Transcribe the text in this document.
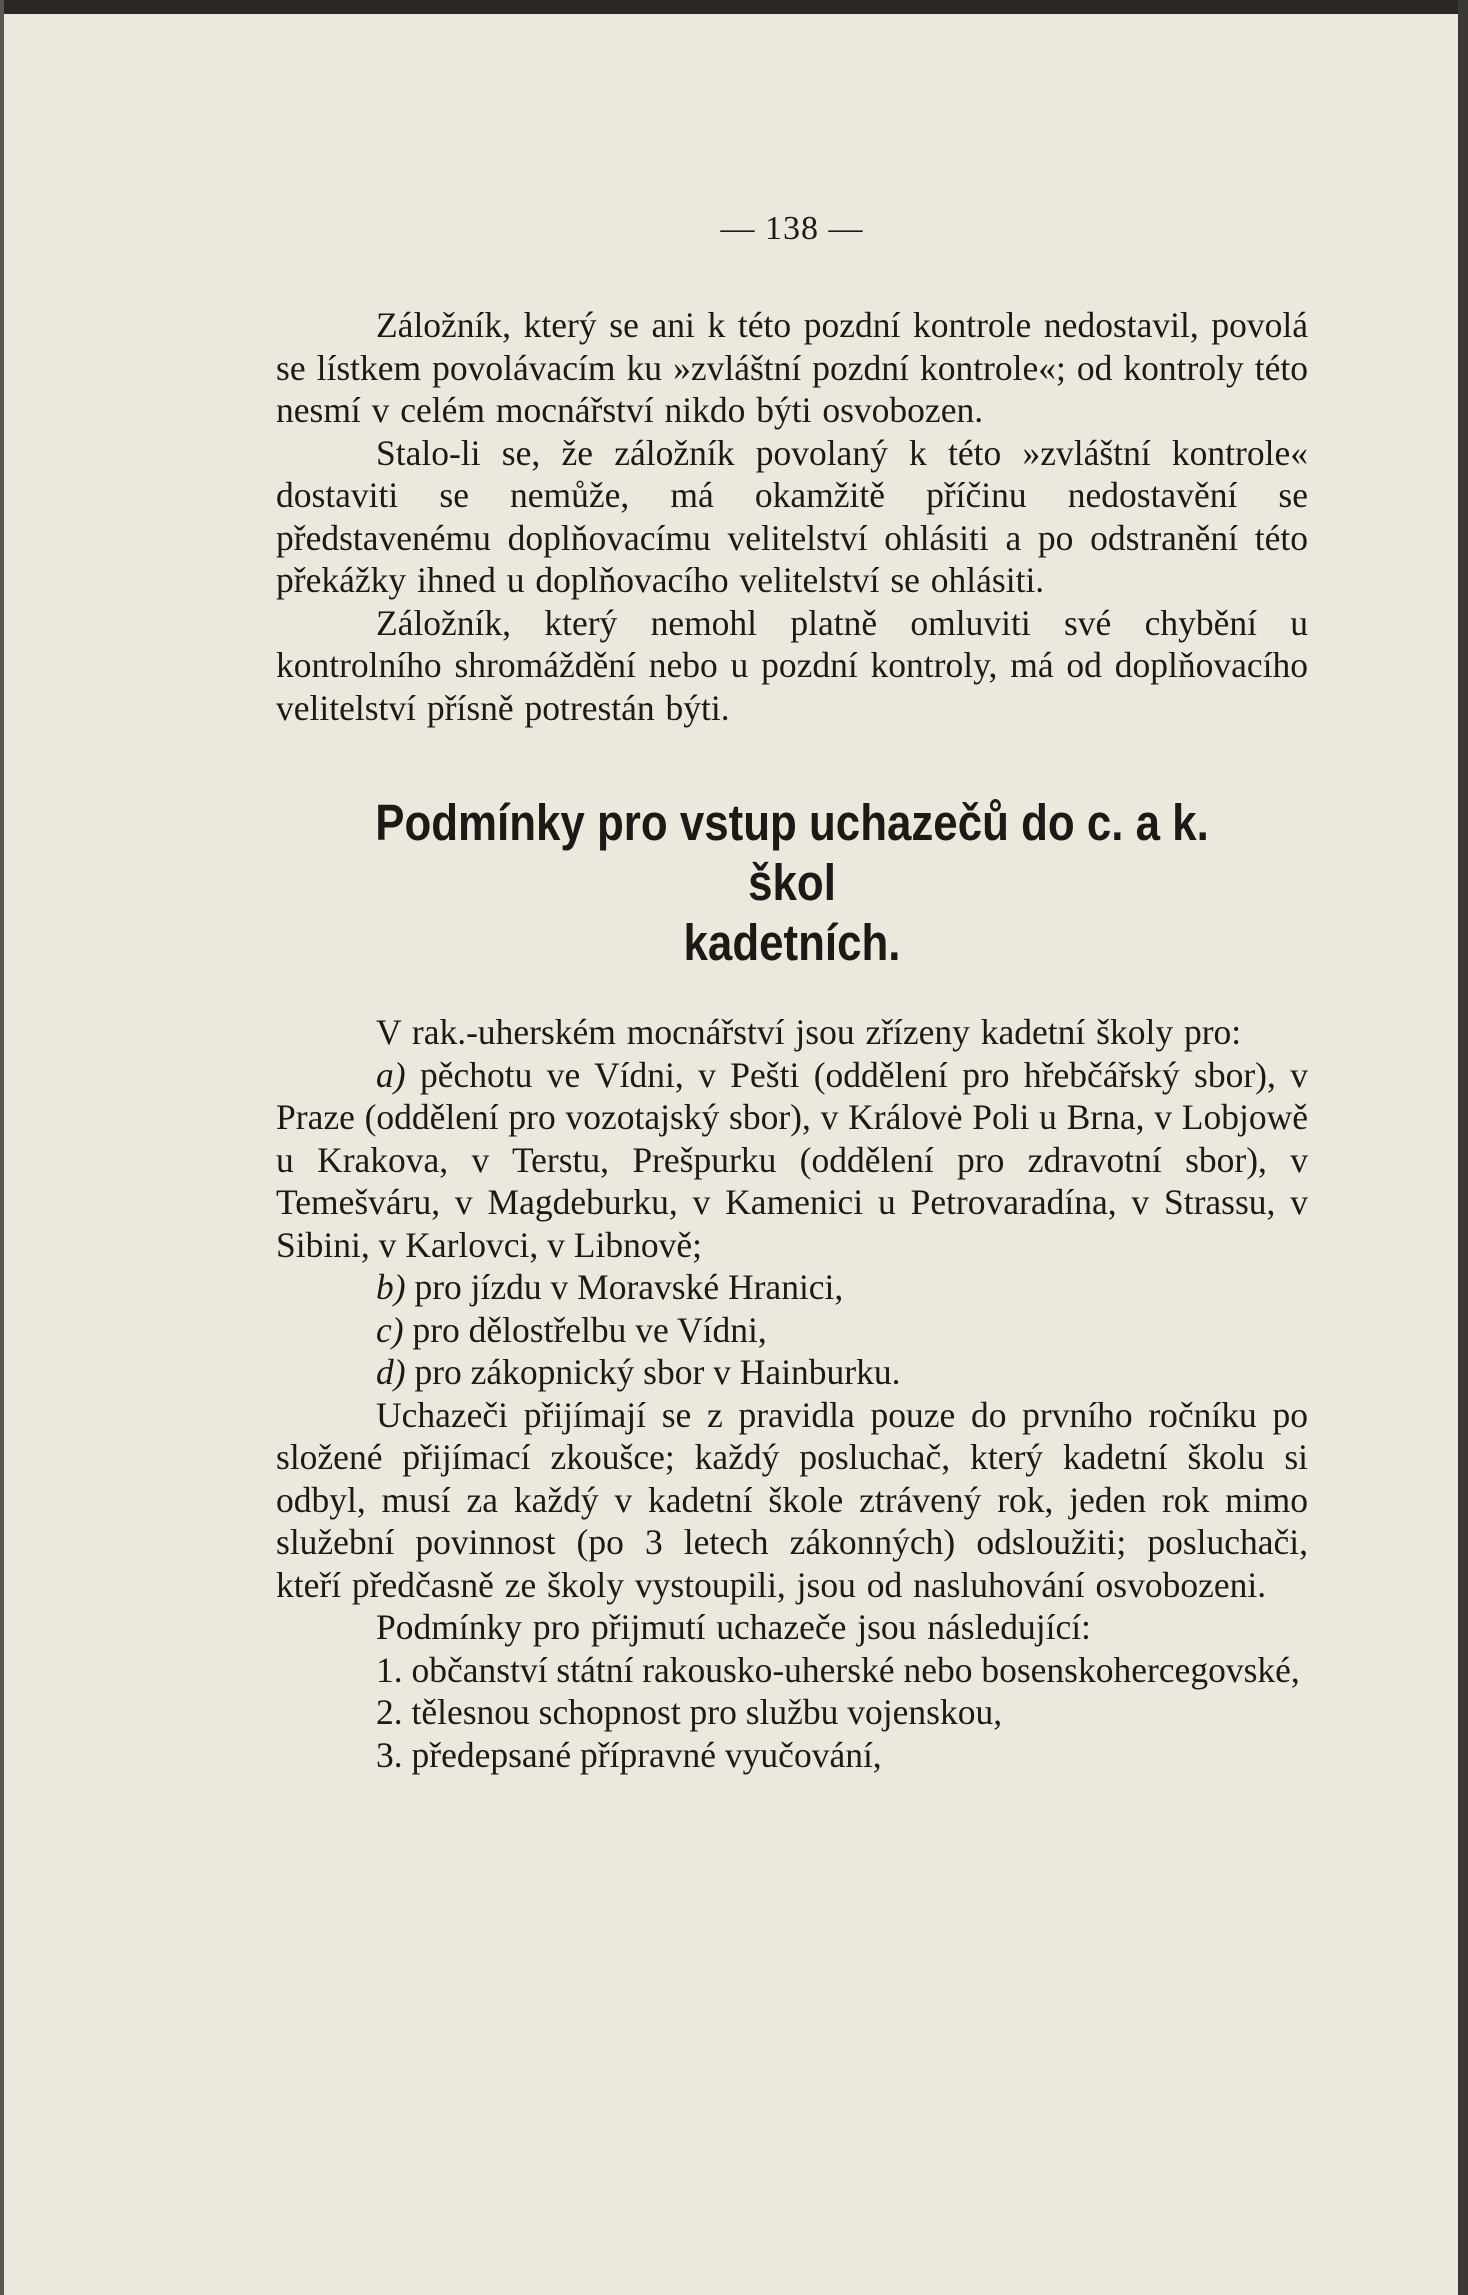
— 138 —

Záložník, který se ani k této pozdní kontrole nedostavil, povolá se lístkem povolávacím ku »zvláštní pozdní kontrole«; od kontroly této nesmí v celém mocnářství nikdo býti osvobozen.

Stalo-li se, že záložník povolaný k této »zvláštní kontrole« dostaviti se nemůže, má okamžitě příčinu nedostavění se představenému doplňovacímu velitelství ohlásiti a po odstranění této překážky ihned u doplňovacího velitelství se ohlásiti.

Záložník, který nemohl platně omluviti své chybění u kontrolního shromáždění nebo u pozdní kontroly, má od doplňovacího velitelství přísně potrestán býti.

Podmínky pro vstup uchazečů do c. a k. škol
kadetních.

V rak.-uherském mocnářství jsou zřízeny kadetní školy pro:

a) pěchotu ve Vídni, v Pešti (oddělení pro hřebčářský sbor), v Praze (oddělení pro vozotajský sbor), v Královė Poli u Brna, v Lobjowě u Krakova, v Terstu, Prešpurku (oddělení pro zdravotní sbor), v Temešváru, v Magdeburku, v Kamenici u Petrovaradína, v Strassu, v Sibini, v Karlovci, v Libnově;

b) pro jízdu v Moravské Hranici,

c) pro dělostřelbu ve Vídni,

d) pro zákopnický sbor v Hainburku.

Uchazeči přijímají se z pravidla pouze do prvního ročníku po složené přijímací zkoušce; každý posluchač, který kadetní školu si odbyl, musí za každý v kadetní škole ztrávený rok, jeden rok mimo služební povinnost (po 3 letech zákonných) odsloužiti; posluchači, kteří předčasně ze školy vystoupili, jsou od nasluhování osvobozeni.

Podmínky pro přijmutí uchazeče jsou následující:

1. občanství státní rakousko-uherské nebo bosenskohercegovské,

2. tělesnou schopnost pro službu vojenskou,

3. předepsané přípravné vyučování,
